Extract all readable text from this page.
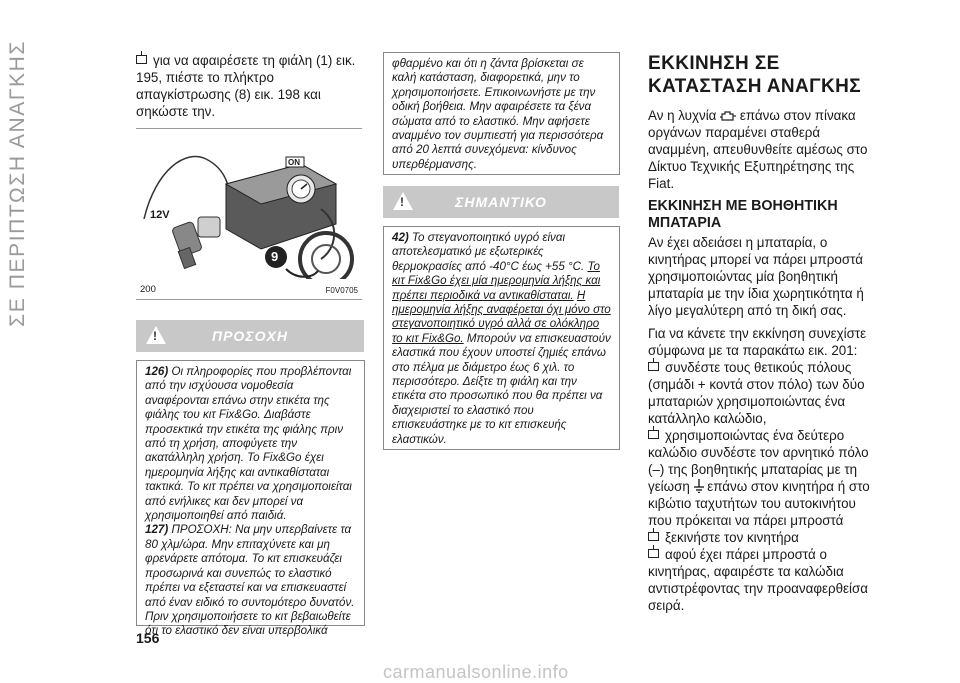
ΣΕ ΠΕΡΙΠΤΩΣΗ ΑΝΑΓΚΗΣ	για να αφαιρέσετε τη φιάλη (1) εικ. 195, πιέστε το πλήκτρο απαγκίστρωσης (8) εικ. 198 και σηκώστε την.

12V
ON
9
200	F0V0705
!
ΠΡΟΣΟΧΗ

126) Οι πληροφορίες που προβλέπονται από την ισχύουσα νομοθεσία αναφέρονται επάνω στην ετικέτα της φιάλης του κιτ Fix&Go. Διαβάστε προσεκτικά την ετικέτα της φιάλης πριν από τη χρήση, αποφύγετε την ακατάλληλη χρήση. Το Fix&Go έχει ημερομηνία λήξης και αντικαθίσταται τακτικά. Το κιτ πρέπει να χρησιμοποιείται από ενήλικες και δεν μπορεί να χρησιμοποιηθεί από παιδιά.

127) ΠΡΟΣΟΧΗ: Να μην υπερβαίνετε τα 80 χλμ/ώρα. Μην επιταχύνετε και μη φρενάρετε απότομα. Το κιτ επισκευάζει προσωρινά και συνεπώς το ελαστικό πρέπει να εξεταστεί και να επισκευαστεί από έναν ειδικό το συντομότερο δυνατόν. Πριν χρησιμοποιήσετε το κιτ βεβαιωθείτε ότι το ελαστικό δεν είναι υπερβολικά

φθαρμένο και ότι η ζάντα βρίσκεται σε καλή κατάσταση, διαφορετικά, μην το χρησιμοποιήσετε. Επικοινωνήστε με την οδική βοήθεια. Μην αφαιρέσετε τα ξένα σώματα από το ελαστικό. Μην αφήσετε αναμμένο τον συμπιεστή για περισσότερα από 20 λεπτά συνεχόμενα: κίνδυνος υπερθέρμανσης.

!
ΣΗΜΑΝΤΙΚΟ

42) Το στεγανοποιητικό υγρό είναι αποτελεσματικό με εξωτερικές θερμοκρασίες από -40°C έως +55 °C. Το κιτ Fix&Go έχει μία ημερομηνία λήξης και πρέπει περιοδικά να αντικαθίσταται. Η ημερομηνία λήξης αναφέρεται όχι μόνο στο στεγανοποιητικό υγρό αλλά σε ολόκληρο το κιτ Fix&Go. Μπορούν να επισκευαστούν ελαστικά που έχουν υποστεί ζημιές επάνω στο πέλμα με διάμετρο έως 6 χιλ. το περισσότερο. Δείξτε τη φιάλη και την ετικέτα στο προσωπικό που θα πρέπει να διαχειριστεί το ελαστικό που επισκευάστηκε με το κιτ επισκευής ελαστικών.

ΕΚΚΙΝΗΣΗ ΣΕ ΚΑΤΑΣΤΑΣΗ ΑΝΑΓΚΗΣ

Αν η λυχνία επάνω στον πίνακα οργάνων παραμένει σταθερά αναμμένη, απευθυνθείτε αμέσως στο Δίκτυο Τεχνικής Εξυπηρέτησης της Fiat.

ΕΚΚΙΝΗΣΗ ΜΕ ΒΟΗΘΗΤΙΚΗ ΜΠΑΤΑΡΙΑ

Αν έχει αδειάσει η μπαταρία, ο κινητήρας μπορεί να πάρει μπροστά χρησιμοποιώντας μία βοηθητική μπαταρία με την ίδια χωρητικότητα ή λίγο μεγαλύτερη από τη δική σας.

Για να κάνετε την εκκίνηση συνεχίστε σύμφωνα με τα παρακάτω εικ. 201:

συνδέστε τους θετικούς πόλους (σημάδι + κοντά στον πόλο) των δύο μπαταριών χρησιμοποιώντας ένα κατάλληλο καλώδιο,

χρησιμοποιώντας ένα δεύτερο καλώδιο συνδέστε τον αρνητικό πόλο (–) της βοηθητικής μπαταρίας με τη γείωση επάνω στον κινητήρα ή στο κιβώτιο ταχυτήτων του αυτοκινήτου που πρόκειται να πάρει μπροστά

ξεκινήστε τον κινητήρα

αφού έχει πάρει μπροστά ο κινητήρας, αφαιρέστε τα καλώδια αντιστρέφοντας την προαναφερθείσα σειρά.

156
carmanualsonline.info
